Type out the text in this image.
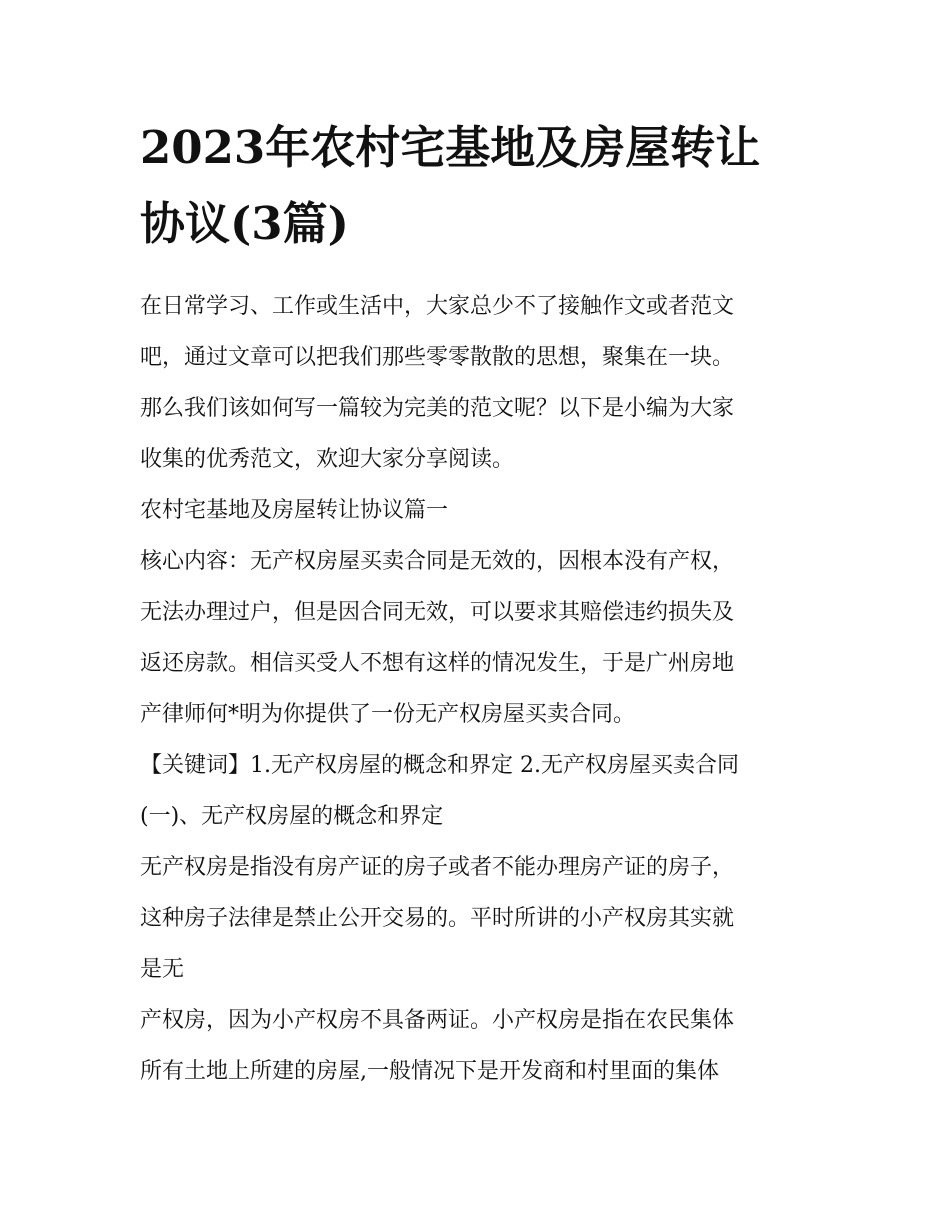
2023年农村宅基地及房屋转让
协议(3篇)

在日常学习、工作或生活中，大家总少不了接触作文或者范文

吧，通过文章可以把我们那些零零散散的思想，聚集在一块。

那么我们该如何写一篇较为完美的范文呢？以下是小编为大家

收集的优秀范文，欢迎大家分享阅读。

农村宅基地及房屋转让协议篇一

核心内容：无产权房屋买卖合同是无效的，因根本没有产权，

无法办理过户，但是因合同无效，可以要求其赔偿违约损失及

返还房款。相信买受人不想有这样的情况发生，于是广州房地

产律师何*明为你提供了一份无产权房屋买卖合同。

【关键词】1.无产权房屋的概念和界定 2.无产权房屋买卖合同

(一)、无产权房屋的概念和界定

无产权房是指没有房产证的房子或者不能办理房产证的房子，

这种房子法律是禁止公开交易的。平时所讲的小产权房其实就

是无

产权房，因为小产权房不具备两证。小产权房是指在农民集体

所有土地上所建的房屋,一般情况下是开发商和村里面的集体
